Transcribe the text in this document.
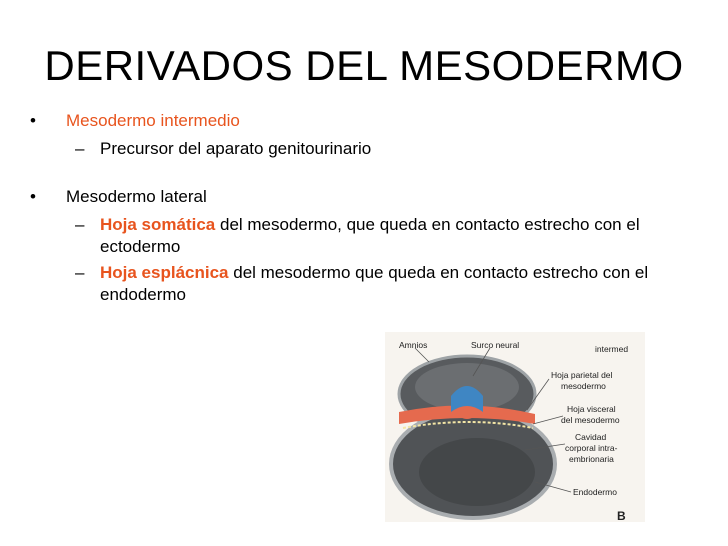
DERIVADOS DEL MESODERMO
• Mesodermo intermedio
– Precursor del aparato genitourinario
• Mesodermo lateral
– Hoja somática del mesodermo, que queda en contacto estrecho con el ectodermo
– Hoja esplácnica del mesodermo que queda en contacto estrecho con el endodermo
Amnios	Surco neural	intermed
Hoja parietal del
mesodermo
Hoja visceral
del mesodermo
Cavidad
corporal intra-
embrionaria
Endodermo
B
